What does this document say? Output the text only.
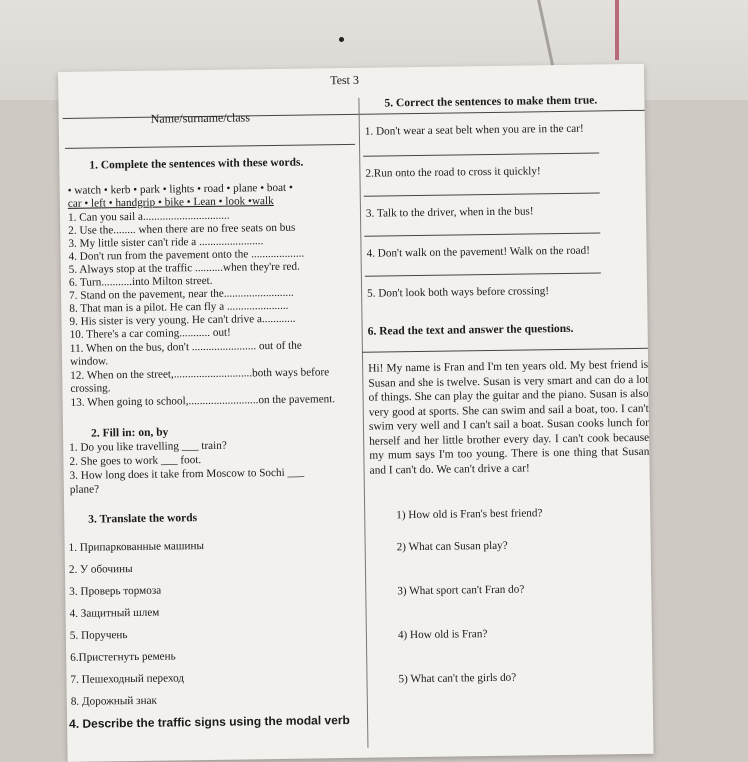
Test 3
Name/surname/class
1. Complete the sentences with these words.
• watch • kerb • park • lights • road • plane • boat •
car • left • handgrip • bike • Lean • look •walk
1. Can you sail a...............................
2. Use the........ when there are no free seats on bus
3. My little sister can't ride a .......................
4. Don't run from the pavement onto the ...................
5. Always stop at the traffic ..........when they're red.
6. Turn...........into Milton street.
7. Stand on the pavement, near the.........................
8. That man is a pilot. He can fly a ......................
9. His sister is very young. He can't drive a............
10. There's a car coming........... out!
11. When on the bus, don't ....................... out of the
window.
12. When on the street,............................both ways before
crossing.
13. When going to school,.........................on the pavement.
2. Fill in: on, by
1. Do you like travelling ___ train?
2. She goes to work ___ foot.
3. How long does it take from Moscow to Sochi ___
plane?
3. Translate the words
1. Припаркованные машины
2. У обочины
3. Проверь тормоза
4. Защитный шлем
5. Поручень
6.Пристегнуть ремень
7. Пешеходный переход
8. Дорожный знак
4. Describe the traffic signs using the modal verb
5. Correct the sentences to make them true.
1. Don't wear a seat belt when you are in the car!
2.Run onto the road to cross it quickly!
3. Talk to the driver, when in the bus!
4. Don't walk on the pavement! Walk on the road!
5. Don't look both ways before crossing!
6. Read the text and answer the questions.
Hi! My name is Fran and I'm ten years old. My best friend is Susan and she is twelve. Susan is very smart and can do a lot of things. She can play the guitar and the piano. Susan is also very good at sports. She can swim and sail a boat, too. I can't swim very well and I can't sail a boat. Susan cooks lunch for herself and her little brother every day. I can't cook because my mum says I'm too young. There is one thing that Susan and I can't do. We can't drive a car!
1) How old is Fran's best friend?
2) What can Susan play?
3) What sport can't Fran do?
4) How old is Fran?
5) What can't the girls do?
